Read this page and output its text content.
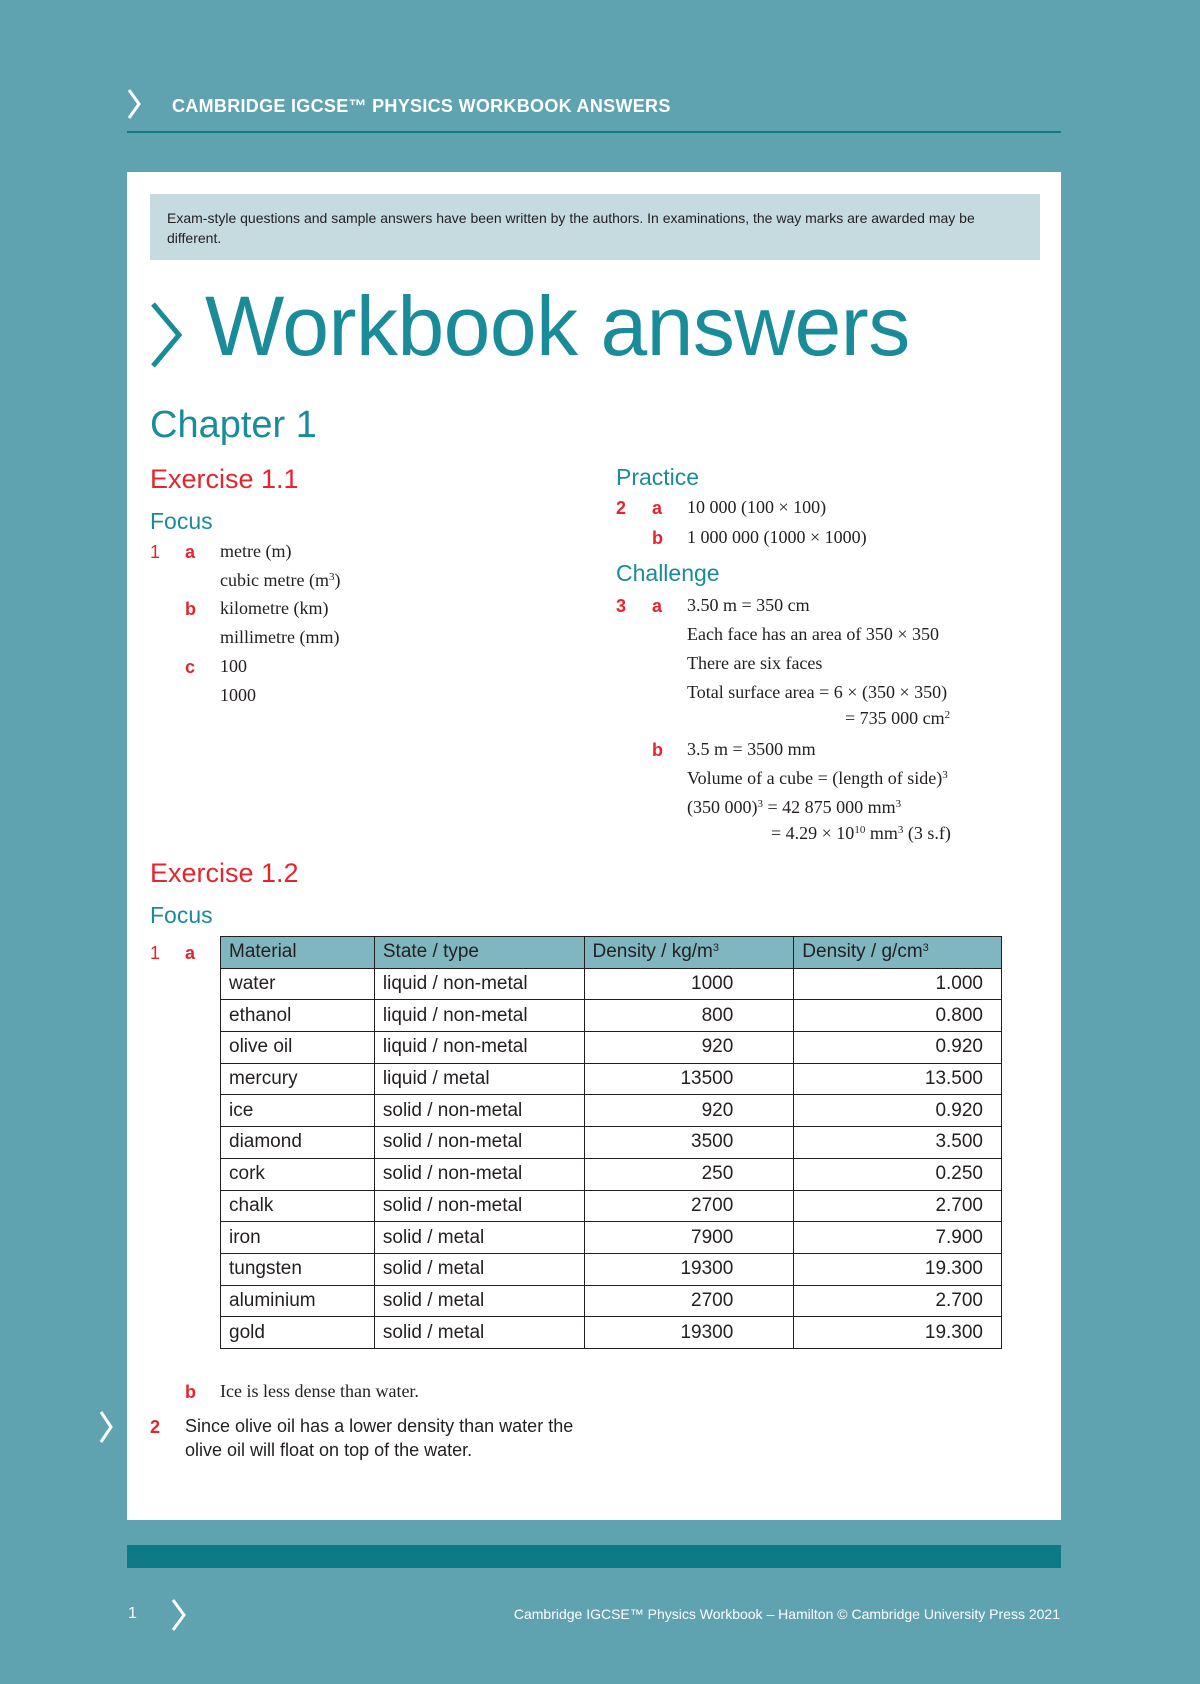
CAMBRIDGE IGCSE™ PHYSICS WORKBOOK ANSWERS
Exam-style questions and sample answers have been written by the authors. In examinations, the way marks are awarded may be different.
Workbook answers
Chapter 1
Exercise 1.1
Focus
1 a metre (m)
cubic metre $(m^3)$
b kilometre (km)
millimetre (mm)
c 100
1000
Practice
2 a 10 000 (100 × 100)
b 1 000 000 (1000 × 1000)
Challenge
3 a 3.50 m = 350 cm
Each face has an area of 350 × 350
There are six faces
Total surface area = 6 × (350 × 350)
= 735 000 $cm^2$
b 3.5 m = 3500 mm
Volume of a cube = (length of side)$^3$
(350 000)$^3$ = 42 875 000 $mm^3$
= $4.29 \times 10^{10}$ $mm^3$ (3 s.f)
Exercise 1.2
Focus
1 a Material	State / type	Density / $kg/m^3$	Density / $g/cm^3$
water	liquid / non-metal	1000	1.000
ethanol	liquid / non-metal	800	0.800
olive oil	liquid / non-metal	920	0.920
mercury	liquid / metal	13500	13.500
ice	solid / non-metal	920	0.920
diamond	solid / non-metal	3500	3.500
cork	solid / non-metal	250	0.250
chalk	solid / non-metal	2700	2.700
iron	solid / metal	7900	7.900
tungsten	solid / metal	19300	19.300
aluminium	solid / metal	2700	2.700
gold	solid / metal	19300	19.300
b Ice is less dense than water.
2 Since olive oil has a lower density than water the
olive oil will float on top of the water.
1	Cambridge IGCSE™ Physics Workbook – Hamilton © Cambridge University Press 2021
